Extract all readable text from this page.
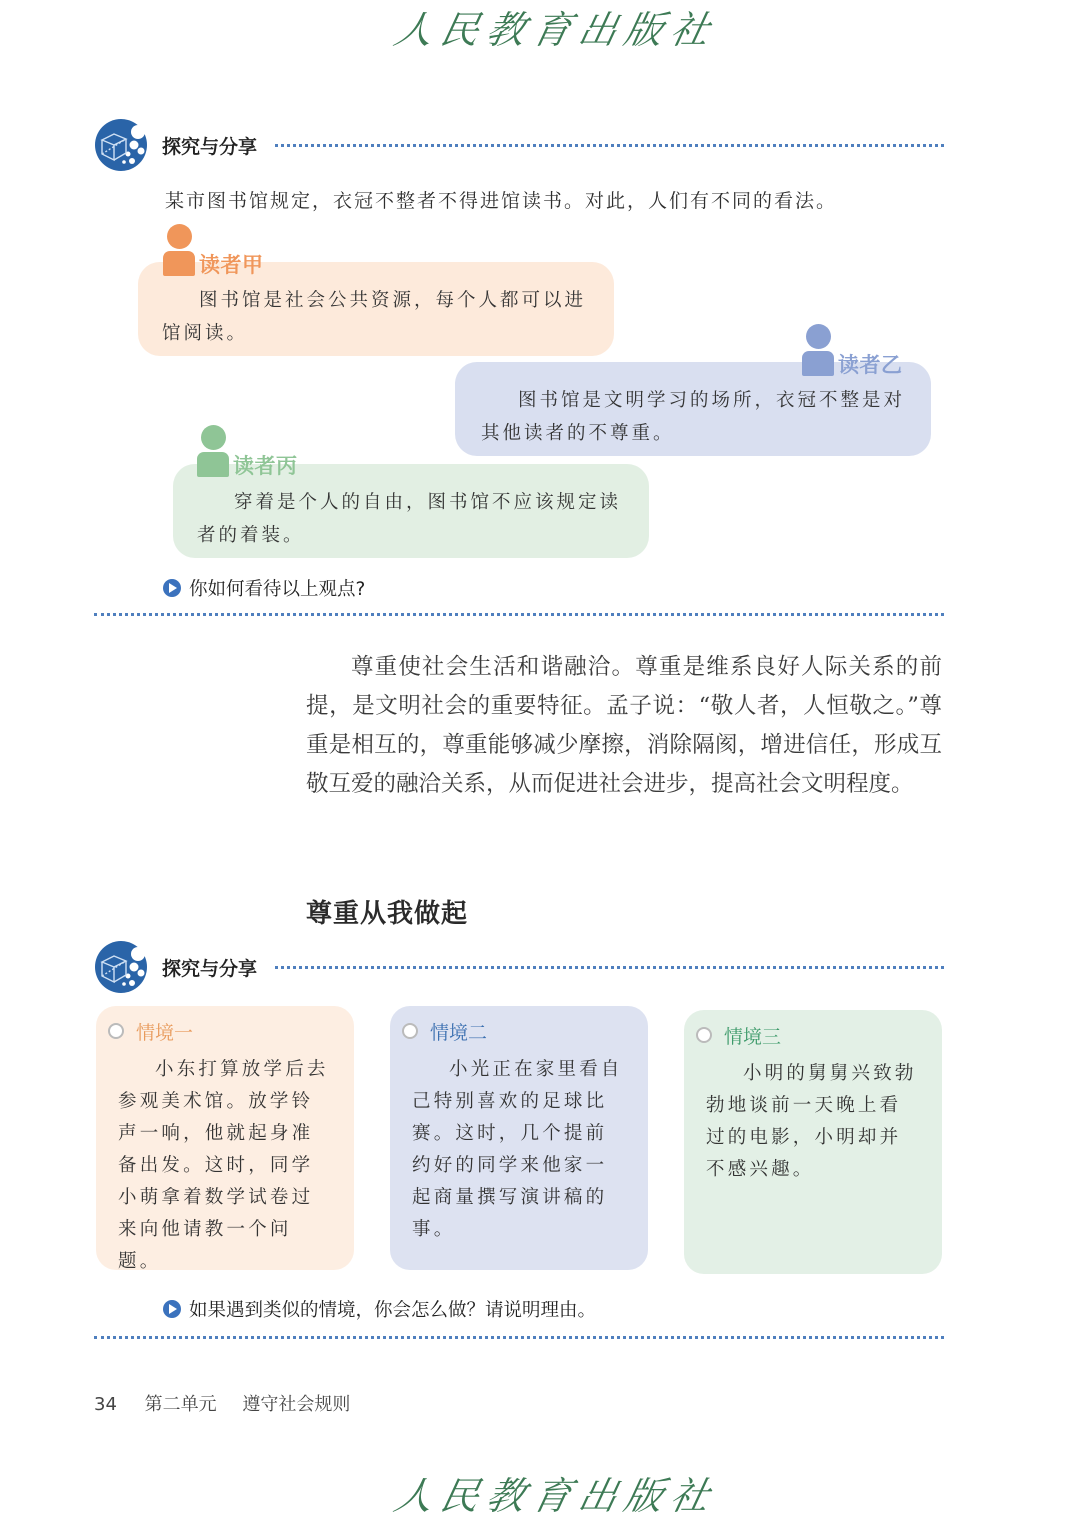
人民教育出版社
探究与分享
某市图书馆规定，衣冠不整者不得进馆读书。对此，人们有不同的看法。

图书馆是社会公共资源，每个人都可以进馆阅读。

读者甲

图书馆是文明学习的场所，衣冠不整是对其他读者的不尊重。

读者乙

穿着是个人的自由，图书馆不应该规定读者的着装。

读者丙
你如何看待以上观点?

尊重使社会生活和谐融洽。尊重是维系良好人际关系的前提，是文明社会的重要特征。孟子说：“敬人者，人恒敬之。”尊重是相互的，尊重能够减少摩擦，消除隔阂，增进信任，形成互敬互爱的融洽关系，从而促进社会进步，提高社会文明程度。

尊重从我做起
探究与分享
情境一

小东打算放学后去参观美术馆。放学铃声一响，他就起身准备出发。这时，同学小萌拿着数学试卷过来向他请教一个问题。

情境二

小光正在家里看自己特别喜欢的足球比赛。这时，几个提前约好的同学来他家一起商量撰写演讲稿的事。

情境三

小明的舅舅兴致勃勃地谈前一天晚上看过的电影，小明却并不感兴趣。

如果遇到类似的情境，你会怎么做？请说明理由。
34 第二单元 遵守社会规则
人民教育出版社
